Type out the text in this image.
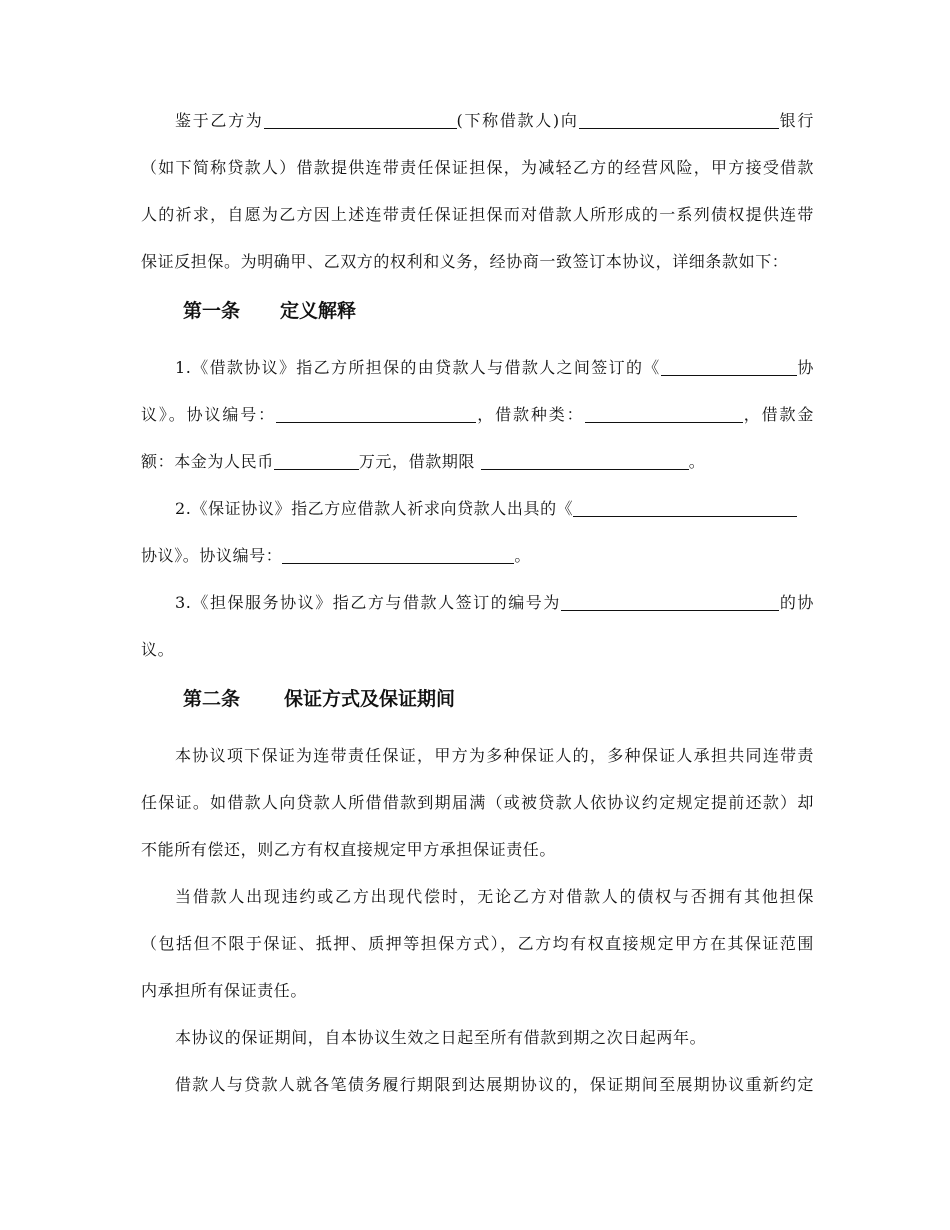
鉴于乙方为	(下称借款人)向	银行
（如下简称贷款人）借款提供连带责任保证担保，为减轻乙方的经营风险，甲方接受借款
人的祈求，自愿为乙方因上述连带责任保证担保而对借款人所形成的一系列债权提供连带
保证反担保。为明确甲、乙双方的权利和义务，经协商一致签订本协议，详细条款如下：
第一条 定义解释
1.《借款协议》指乙方所担保的由贷款人与借款人之间签订的《	协
议》。协议编号：	，借款种类：	，借款金
额：本金为人民币	万元，借款期限	。
2.《保证协议》指乙方应借款人祈求向贷款人出具的《
协议》。协议编号：	。
3.《担保服务协议》指乙方与借款人签订的编号为	的协
议。
第二条 保证方式及保证期间
本协议项下保证为连带责任保证，甲方为多种保证人的，多种保证人承担共同连带责
任保证。如借款人向贷款人所借借款到期届满（或被贷款人依协议约定规定提前还款）却
不能所有偿还，则乙方有权直接规定甲方承担保证责任。
当借款人出现违约或乙方出现代偿时，无论乙方对借款人的债权与否拥有其他担保
（包括但不限于保证、抵押、质押等担保方式），乙方均有权直接规定甲方在其保证范围
内承担所有保证责任。
本协议的保证期间，自本协议生效之日起至所有借款到期之次日起两年。
借款人与贷款人就各笔债务履行期限到达展期协议的，保证期间至展期协议重新约定
